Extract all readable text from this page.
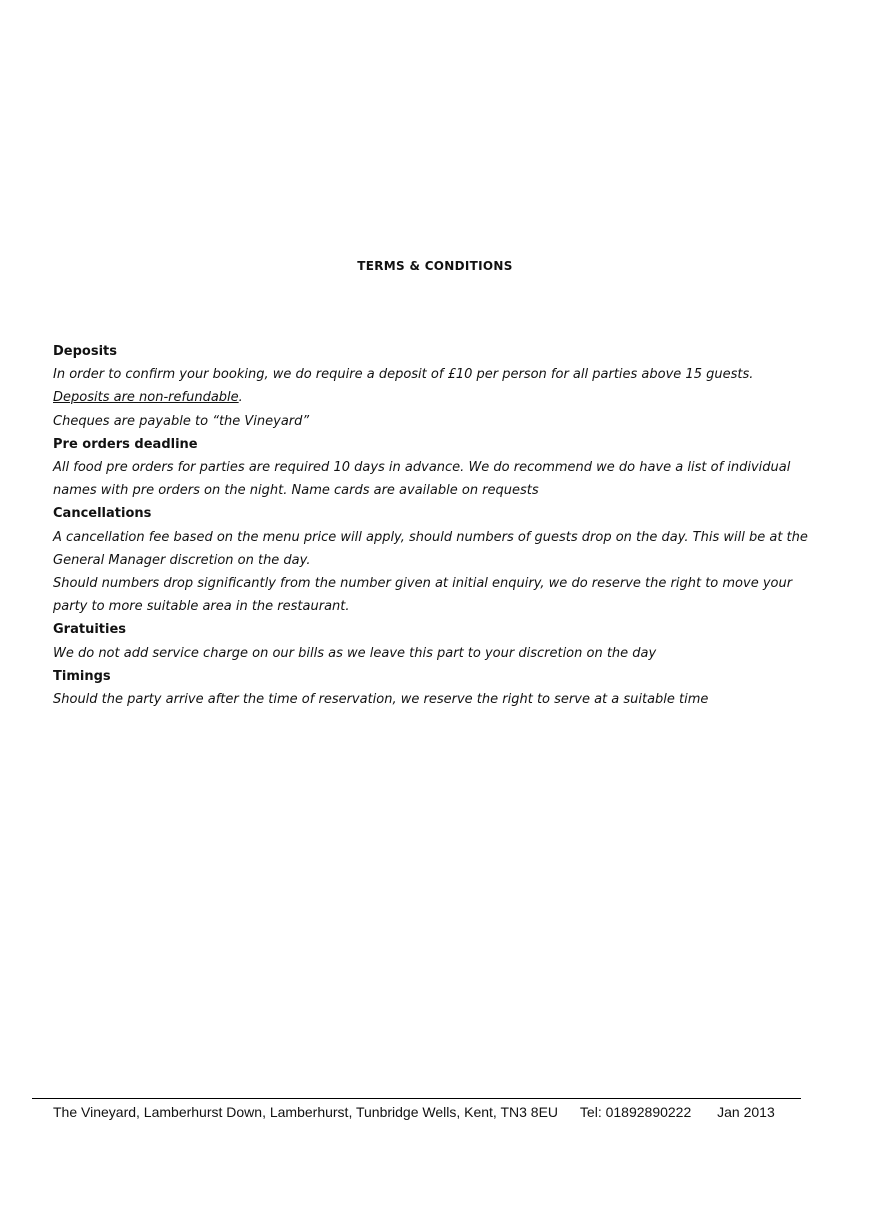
TERMS & CONDITIONS

Deposits

In order to confirm your booking, we do require a deposit of £10 per person for all parties above 15 guests.

Deposits are non-refundable.

Cheques are payable to “the Vineyard”

Pre orders deadline

All food pre orders for parties are required 10 days in advance. We do recommend we do have a list of individual names with pre orders on the night. Name cards are available on requests

Cancellations

A cancellation fee based on the menu price will apply, should numbers of guests drop on the day. This will be at the General Manager discretion on the day.

Should numbers drop significantly from the number given at initial enquiry, we do reserve the right to move your party to more suitable area in the restaurant.

Gratuities

We do not add service charge on our bills as we leave this part to your discretion on the day

Timings

Should the party arrive after the time of reservation, we reserve the right to serve at a suitable time

The Vineyard, Lamberhurst Down, Lamberhurst, Tunbridge Wells, Kent, TN3 8EU Tel: 01892890222 Jan 2013
